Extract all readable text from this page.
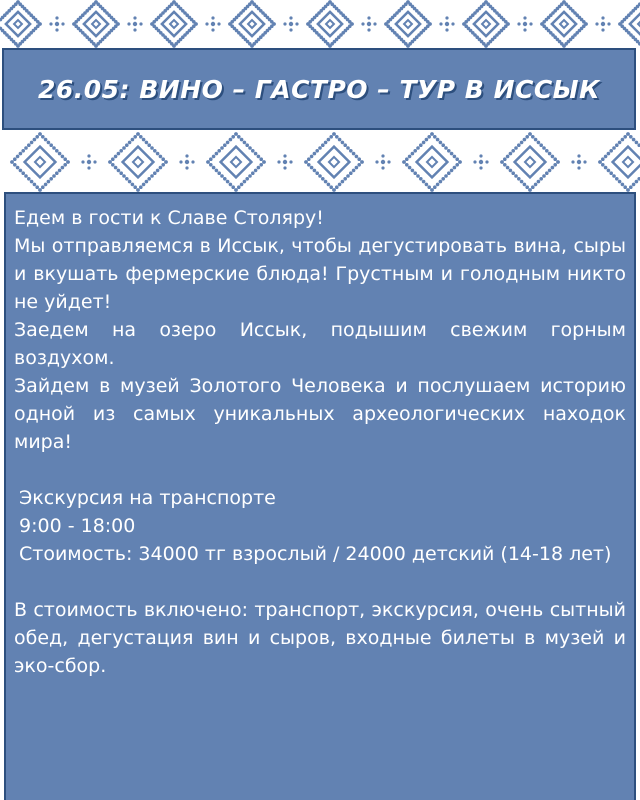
26.05: ВИНО – ГАСТРО – ТУР В ИССЫК

Едем в гости к Славе Столяру!

Мы отправляемся в Иссык, чтобы дегустировать вина, сыры и вкушать фермерские блюда! Грустным и голодным никто не уйдет!

Заедем на озеро Иссык, подышим свежим горным воздухом.

Зайдем в музей Золотого Человека и послушаем историю одной из самых уникальных археологических находок мира!

Экскурсия на транспорте

9:00 - 18:00

Стоимость: 34000 тг взрослый / 24000 детский (14-18 лет)

В стоимость включено: транспорт, экскурсия, очень сытный обед, дегустация вин и сыров, входные билеты в музей и эко-сбор.
